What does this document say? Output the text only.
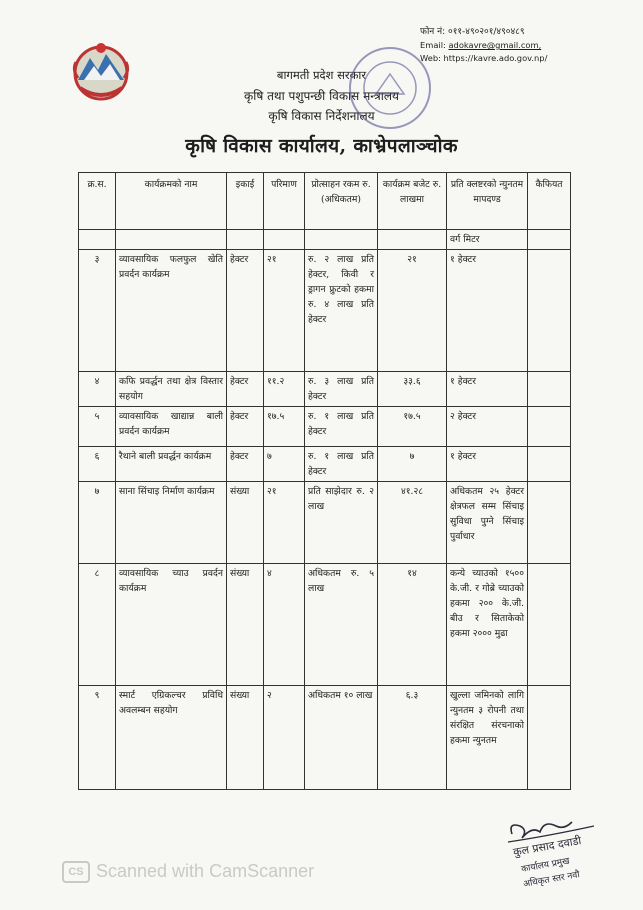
फोन नं: ०११-४९०२०१/४९०४८९
Email: adokavre@gmail.com,
Web: https://kavre.ado.gov.np/
बागमती प्रदेश सरकार
कृषि तथा पशुपन्छी विकास मन्त्रालय
कृषि विकास निर्देशनालय
कृषि विकास कार्यालय, काभ्रेपलाञ्चोक
क्र.स.	कार्यक्रमको नाम	इकाई	परिमाण	प्रोत्साहन रकम रु. (अधिकतम)	कार्यक्रम बजेट रु. लाखमा	प्रति क्लष्टरको न्युनतम मापदण्ड	कैफियत
						वर्ग मिटर	
३	व्यावसायिक फलफुल खेति प्रवर्दन कार्यक्रम	हेक्टर	२१	रु. २ लाख प्रति हेक्टर, किवी र ड्रागन फ्रुटको हकमा रु. ४ लाख प्रति हेक्टर	२१	१ हेक्टर	
४	कफि प्रवर्द्धन तथा क्षेत्र विस्तार सहयोग	हेक्टर	११.२	रु. ३ लाख प्रति हेक्टर	३३.६	१ हेक्टर	
५	व्यावसायिक खाद्यान्न बाली प्रवर्दन कार्यक्रम	हेक्टर	१७.५	रु. १ लाख प्रति हेक्टर	१७.५	२ हेक्टर	
६	रैथाने बाली प्रवर्द्धन कार्यक्रम	हेक्टर	७	रु. १ लाख प्रति हेक्टर	७	१ हेक्टर	
७	साना सिंचाइ निर्माण कार्यक्रम	संख्या	२१	प्रति साझेदार रु. २ लाख	४१.२८	अधिकतम २५ हेक्टर क्षेत्रफल सम्म सिंचाइ सुविधा पुग्ने सिंचाइ पुर्वाधार	
८	व्यावसायिक च्याउ प्रवर्दन कार्यक्रम	संख्या	४	अधिकतम रु. ५ लाख	१४	कन्ये च्याउको १५०० के.जी. र गोब्रे च्याउको हकमा २०० के.जी. बीउ र सिताकेको हकमा २००० मुढा	
९	स्मार्ट एग्रिकल्चर प्रविधि अवलम्बन सहयोग	संख्या	२	अधिकतम १० लाख	६.३	खुल्ला जमिनको लागि न्युनतम ३ रोपनी तथा संरक्षित संरचनाको हकमा न्युनतम	
कुल प्रसाद दवाडी
कार्यालय प्रमुख
अधिकृत स्तर नवौ
CS Scanned with CamScanner
